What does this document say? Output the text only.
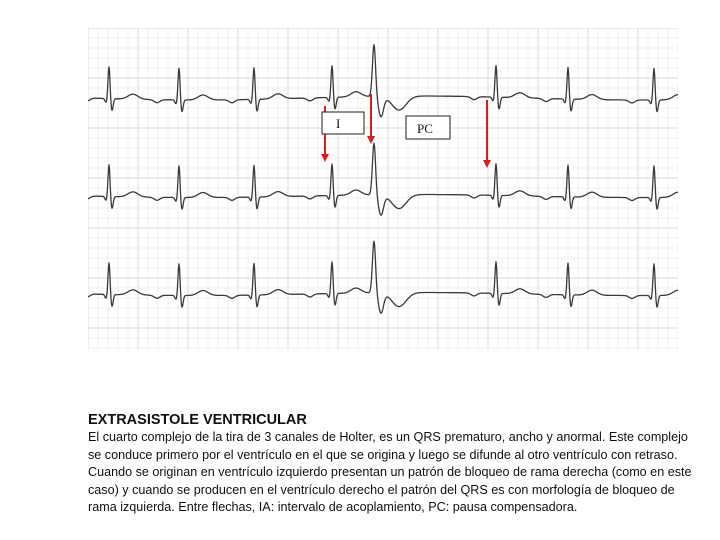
I	PC
EXTRASISTOLE VENTRICULAR
El cuarto complejo de la tira de 3 canales de Holter, es un QRS prematuro, ancho y anormal. Este complejo se conduce primero por el ventrículo en el que se origina y luego se difunde al otro ventrículo con retraso. Cuando se originan en ventrículo izquierdo presentan un patrón de bloqueo de rama derecha (como en este caso) y cuando se producen en el ventrículo derecho el patrón del QRS es con morfología de bloqueo de rama izquierda. Entre flechas, IA: intervalo de acoplamiento, PC: pausa compensadora.
